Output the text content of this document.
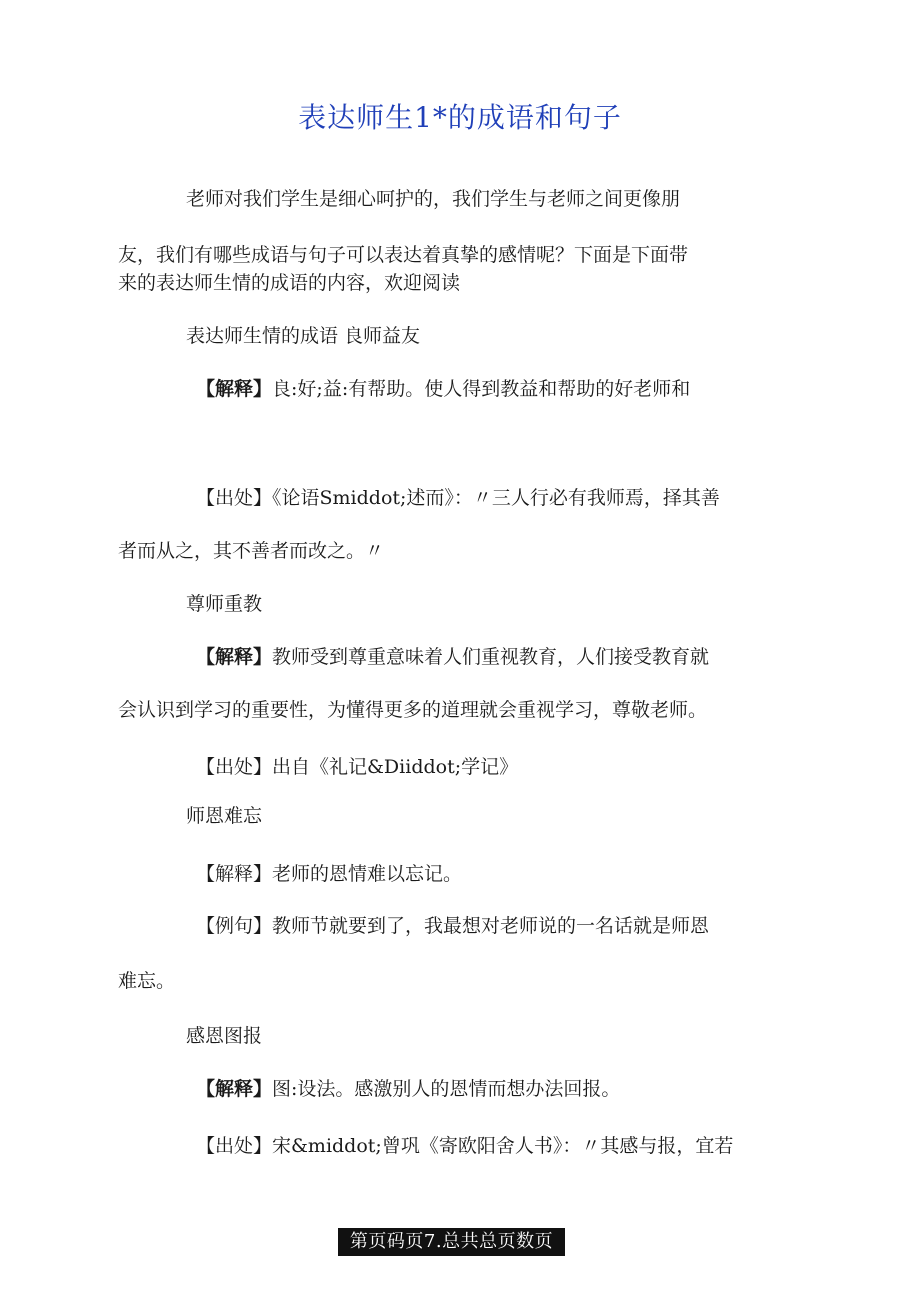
表达师生1*的成语和句子
老师对我们学生是细心呵护的，我们学生与老师之间更像朋
友，我们有哪些成语与句子可以表达着真挚的感情呢？下面是下面带
来的表达师生情的成语的内容，欢迎阅读
表达师生情的成语 良师益友
【解释】良:好;益:有帮助。使人得到教益和帮助的好老师和
【出处】《论语Smiddot;述而》：〃三人行必有我师焉，择其善
者而从之，其不善者而改之。〃
尊师重教
【解释】教师受到尊重意味着人们重视教育，人们接受教育就
会认识到学习的重要性，为懂得更多的道理就会重视学习，尊敬老师。
【出处】出自《礼记&Diiddot;学记》
师恩难忘
【解释】老师的恩情难以忘记。
【例句】教师节就要到了，我最想对老师说的一名话就是师恩
难忘。
感恩图报
【解释】图:设法。感激别人的恩情而想办法回报。
【出处】宋&middot;曾巩《寄欧阳舍人书》：〃其感与报，宜若
第页码页7.总共总页数页
